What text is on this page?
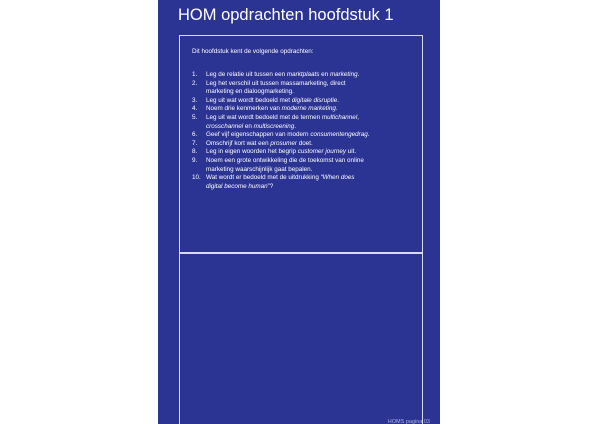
HOM opdrachten hoofdstuk 1
Dit hoofdstuk kent de volgende opdrachten:
1. Leg de relatie uit tussen een marktplaats en marketing.
2. Leg het verschil uit tussen massamarketing, direct
marketing en dialoogmarketing.
3. Leg uit wat wordt bedoeld met digitale disruptie.
4. Noem drie kenmerken van moderne marketing.
5. Leg uit wat wordt bedoeld met de termen multichannel,
crosschannel en multiscreening.
6. Geef vijf eigenschappen van modern consumentengedrag.
7. Omschrijf kort wat een prosumer doet.
8. Leg in eigen woorden het begrip customer journey uit.
9. Noem een grote ontwikkeling die de toekomst van online
marketing waarschijnlijk gaat bepalen.
10. Wat wordt er bedoeld met de uitdrukking “When does
digital become human”?
HOMS pagina 03
